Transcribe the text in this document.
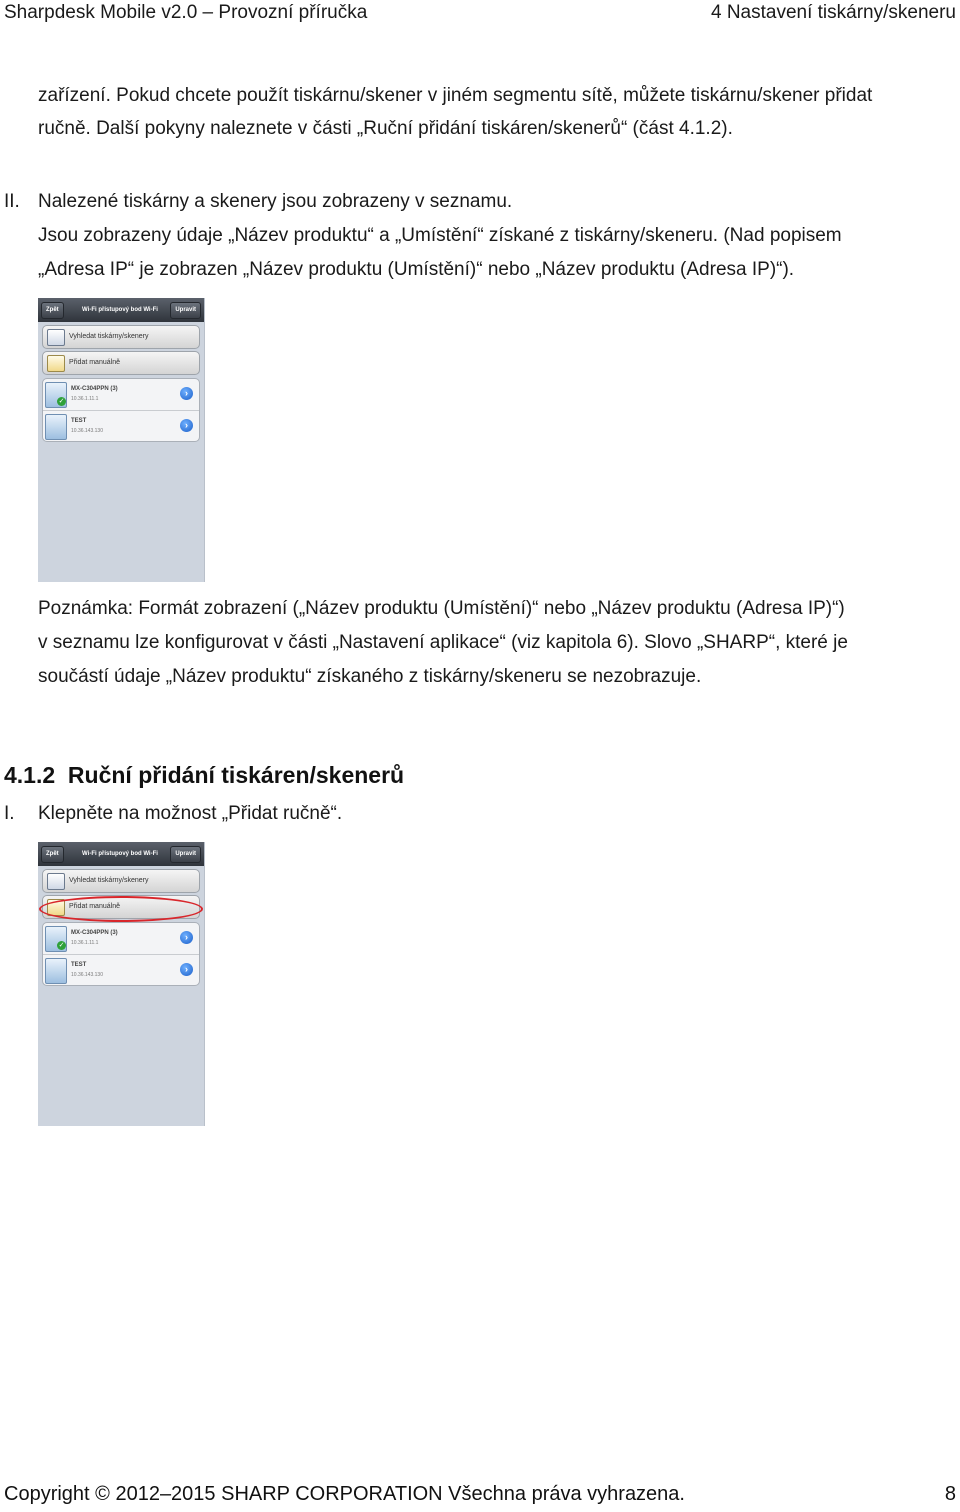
Sharpdesk Mobile v2.0 – Provozní příručka	4 Nastavení tiskárny/skeneru
zařízení. Pokud chcete použít tiskárnu/skener v jiném segmentu sítě, můžete tiskárnu/skener přidat
ručně. Další pokyny naleznete v části „Ruční přidání tiskáren/skenerů“ (část 4.1.2).
II. Nalezené tiskárny a skenery jsou zobrazeny v seznamu.
Jsou zobrazeny údaje „Název produktu“ a „Umístění“ získané z tiskárny/skeneru. (Nad popisem
„Adresa IP“ je zobrazen „Název produktu (Umístění)“ nebo „Název produktu (Adresa IP)“).
Zpět	Wi-Fi přístupový bod Wi-Fi	Upravit
Vyhledat tiskárny/skenery
Přidat manuálně
✓
MX-C304PPN (3)
10.36.1.11.1
›
TEST
10.36.143.130
›
Poznámka: Formát zobrazení („Název produktu (Umístění)“ nebo „Název produktu (Adresa IP)“)
v seznamu lze konfigurovat v části „Nastavení aplikace“ (viz kapitola 6). Slovo „SHARP“, které je
součástí údaje „Název produktu“ získaného z tiskárny/skeneru se nezobrazuje.
4.1.2  Ruční přidání tiskáren/skenerů
I. Klepněte na možnost „Přidat ručně“.
Zpět	Wi-Fi přístupový bod Wi-Fi	Upravit
Vyhledat tiskárny/skenery
Přidat manuálně
✓
MX-C304PPN (3)
10.36.1.11.1
›
TEST
10.36.143.130
›
Copyright © 2012–2015 SHARP CORPORATION Všechna práva vyhrazena.	8
